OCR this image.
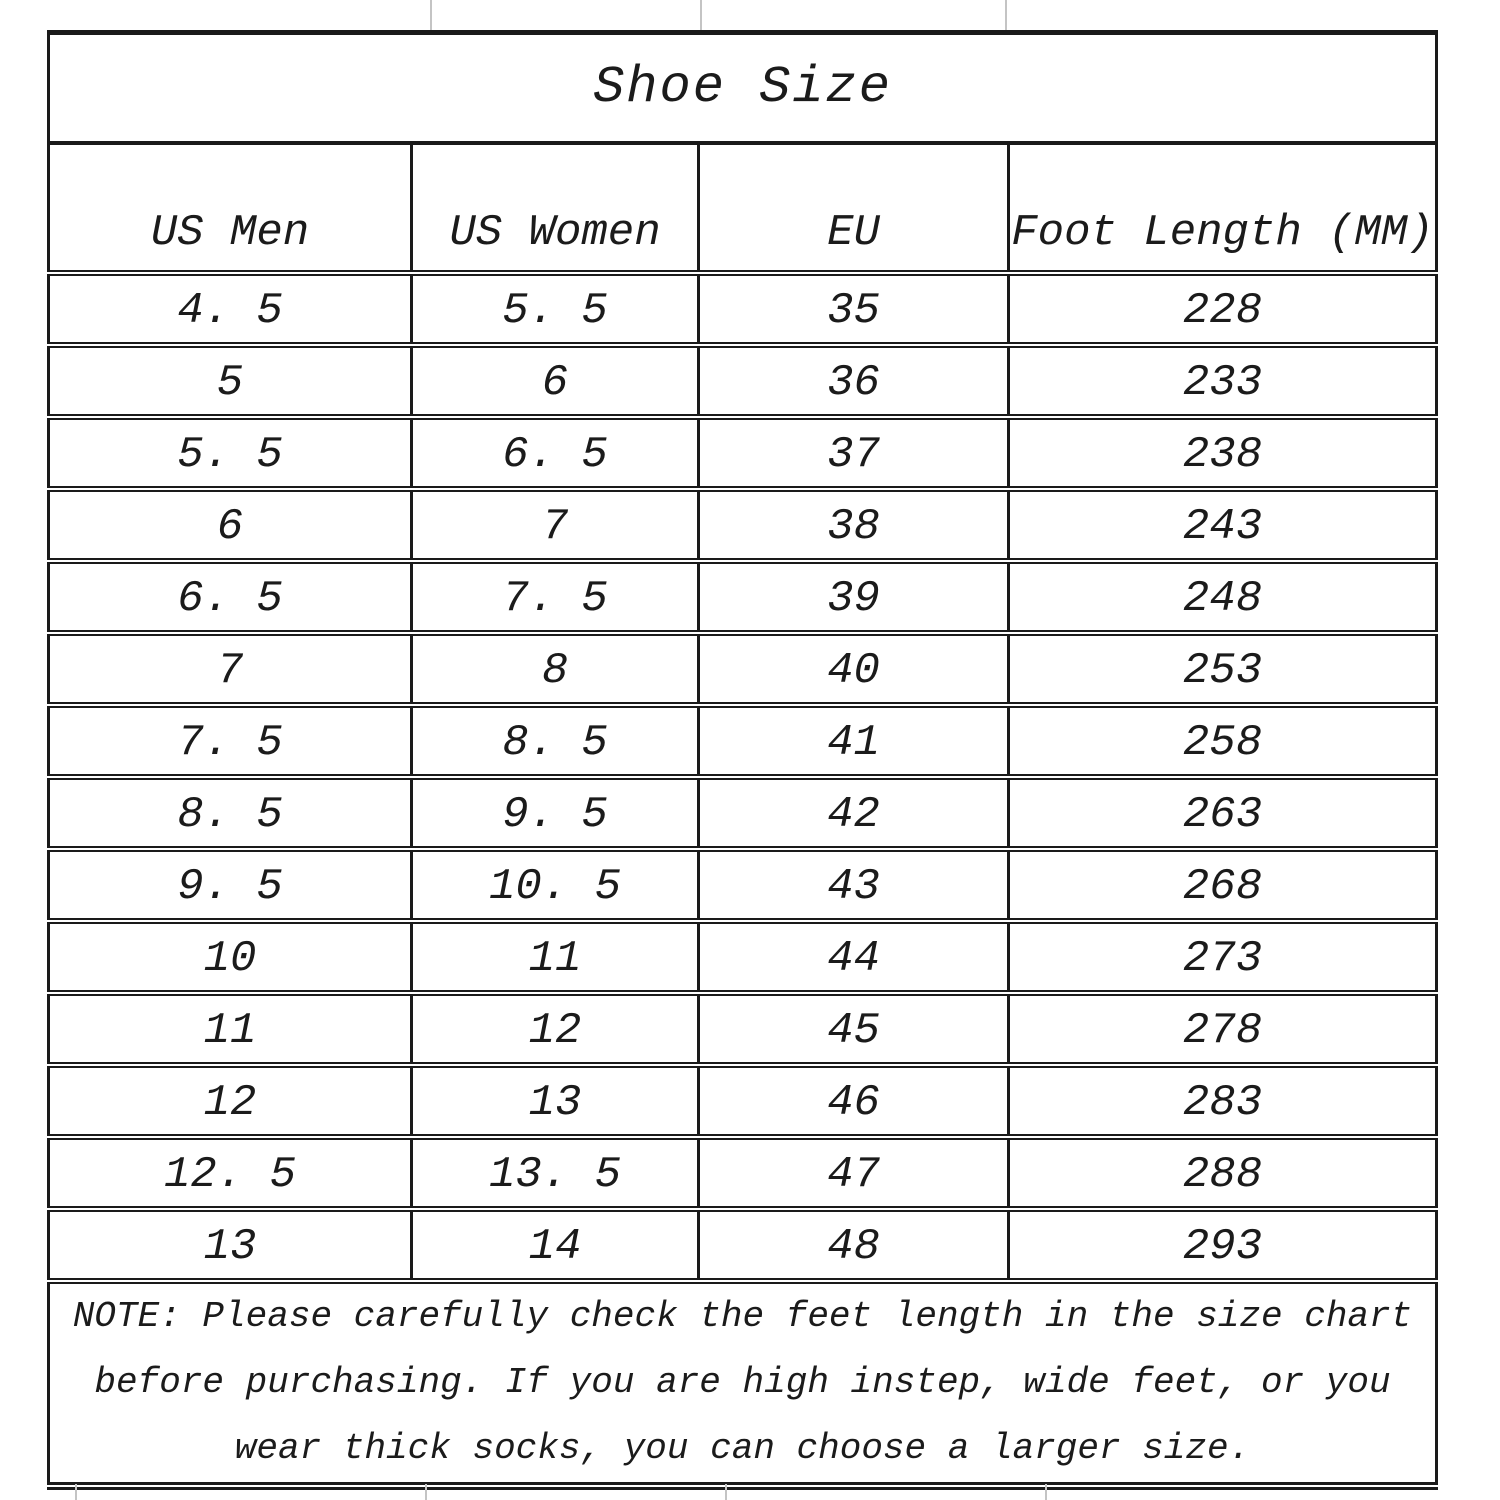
Shoe Size			
US Men	US Women	EU	Foot Length (MM)
4. 5	5. 5	35	228
5	6	36	233
5. 5	6. 5	37	238
6	7	38	243
6. 5	7. 5	39	248
7	8	40	253
7. 5	8. 5	41	258
8. 5	9. 5	42	263
9. 5	10. 5	43	268
10	11	44	273
11	12	45	278
12	13	46	283
12. 5	13. 5	47	288
13	14	48	293

NOTE: Please carefully check the feet length in the size chart
before purchasing. If you are high instep, wide feet, or you
wear thick socks, you can choose a larger size.			
